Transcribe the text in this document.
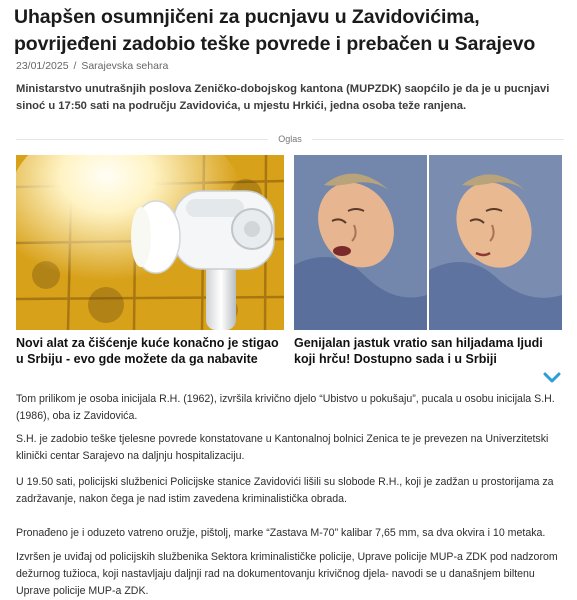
Uhapšen osumnjičeni za pucnjavu u Zavidovićima, povrijeđeni zadobio teške povrede i prebačen u Sarajevo
23/01/2025 / Sarajevska sehara

Ministarstvo unutrašnjih poslova Zeničko-dobojskog kantona (MUPZDK) saopćilo je da je u pucnjavi sinoć u 17:50 sati na području Zavidovića, u mjestu Hrkići, jedna osoba teže ranjena.

Oglas

Novi alat za čišćenje kuće konačno je stigao u Srbiju - evo gde možete da ga nabavite

Genijalan jastuk vratio san hiljadama ljudi koji hrču! Dostupno sada i u Srbiji

Tom prilikom je osoba inicijala R.H. (1962), izvršila krivično djelo “Ubistvo u pokušaju”, pucala u osobu inicijala S.H. (1986), oba iz Zavidovića.

S.H. je zadobio teške tjelesne povrede konstatovane u Kantonalnoj bolnici Zenica te je prevezen na Univerzitetski klinički centar Sarajevo na daljnju hospitalizaciju.

U 19.50 sati, policijski službenici Policijske stanice Zavidovići lišili su slobode R.H., koji je zadžan u prostorijama za zadržavanje, nakon čega je nad istim zavedena kriminalistička obrada.

Pronađeno je i oduzeto vatreno oružje, pištolj, marke “Zastava M-70” kalibar 7,65 mm, sa dva okvira i 10 metaka.

Izvršen je uviđaj od policijskih službenika Sektora kriminalističke policije, Uprave policije MUP-a ZDK pod nadzorom dežurnog tužioca, koji nastavljaju daljnji rad na dokumentovanju krivičnog djela- navodi se u današnjem biltenu Uprave policije MUP-a ZDK.
